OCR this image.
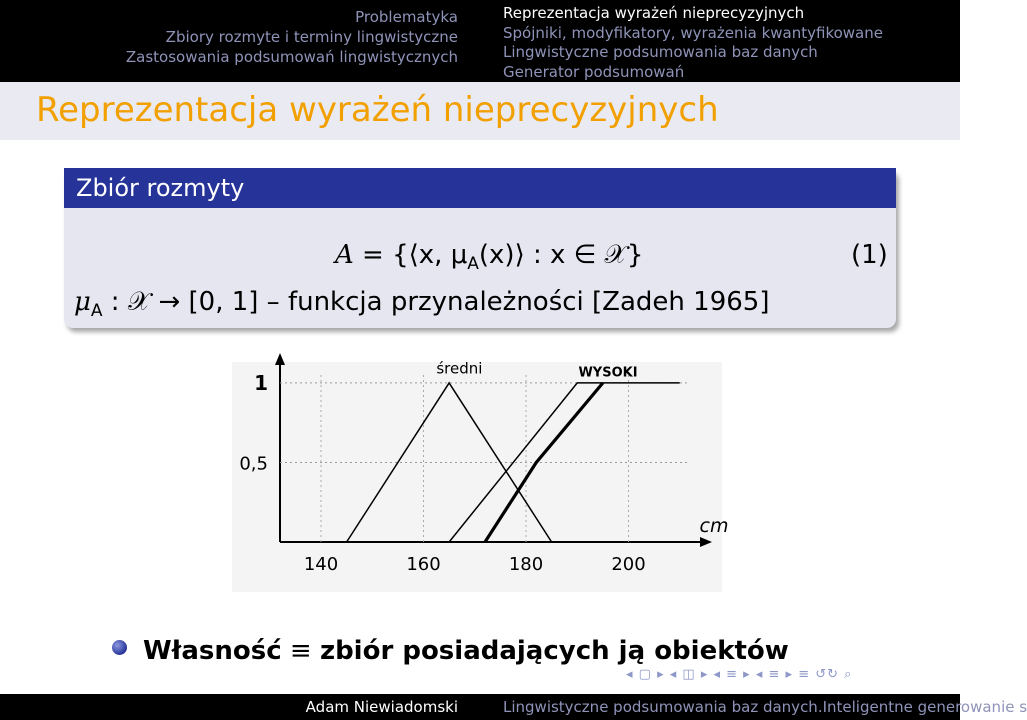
Problematyka
Zbiory rozmyte i terminy lingwistyczne
Zastosowania podsumowań lingwistycznych
Reprezentacja wyrażeń nieprecyzyjnych
Spójniki, modyfikatory, wyrażenia kwantyfikowane
Lingwistyczne podsumowania baz danych
Generator podsumowań
Reprezentacja wyrażeń nieprecyzyjnych
Zbiór rozmyty
A = {⟨x, $\mu_A(x)⟩$ : x ∈ 𝒳}	(1)
$\mu_A$ : 𝒳 → [0, 1] – funkcja przynależności [Zadeh 1965]
140	160	180	200
0,5
1
średni	WYSOKI
cm
Własność ≡ zbiór posiadających ją obiektów
◂ ▢ ▸ ◂ ◫ ▸ ◂ ≡ ▸ ◂ ≡ ▸ ≡ ↺↻ ⌕
Adam Niewiadomski	Lingwistyczne podsumowania baz danych.Inteligentne generowanie s
